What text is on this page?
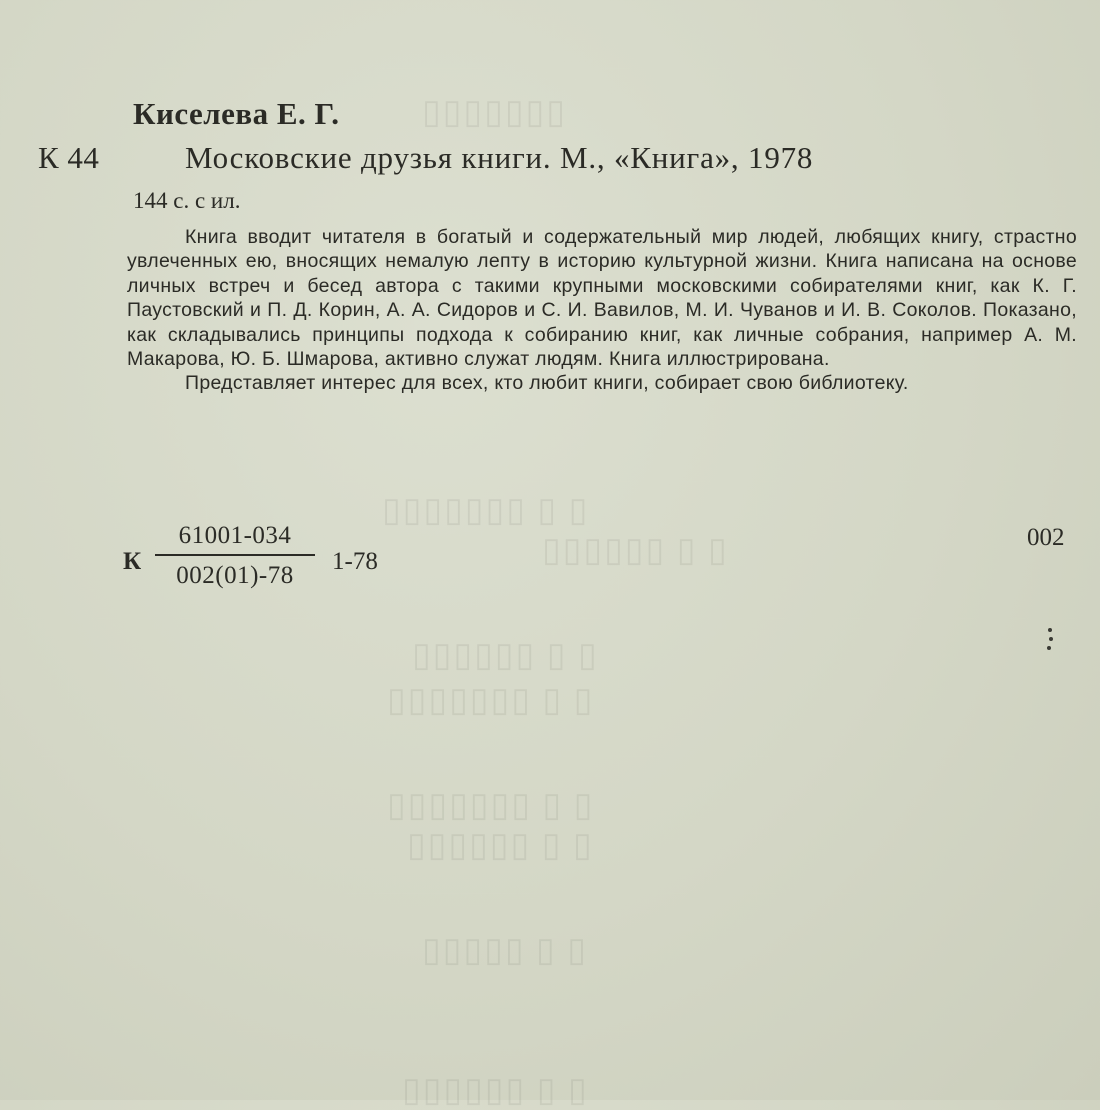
▯▯▯▯▯▯▯
▯ ▯ ▯▯▯▯▯▯▯
▯ ▯ ▯▯▯▯▯▯
▯ ▯ ▯▯▯▯▯▯
▯ ▯ ▯▯▯▯▯▯▯
▯ ▯ ▯▯▯▯▯▯▯
▯ ▯ ▯▯▯▯▯▯
▯ ▯ ▯▯▯▯▯
▯ ▯ ▯▯▯▯▯▯
Киселева Е. Г.
К 44	Московские друзья книги. М., «Книга», 1978
144 с. с ил.

Книга вводит читателя в богатый и содержательный мир людей, любящих книгу, страстно увлеченных ею, вносящих немалую лепту в историю культурной жизни. Книга написана на основе личных встреч и бесед автора с такими крупными московскими собирателями книг, как К. Г. Паустовский и П. Д. Корин, А. А. Сидоров и С. И. Вавилов, М. И. Чуванов и И. В. Соколов. Показано, как складывались принципы подхода к собиранию книг, как личные собрания, например А. М. Макарова, Ю. Б. Шмарова, активно служат людям. Книга иллюстрирована.

Представляет интерес для всех, кто любит книги, собирает свою библиотеку.

К $\frac{61001-034}{002(01)-78} 1-78$
002
